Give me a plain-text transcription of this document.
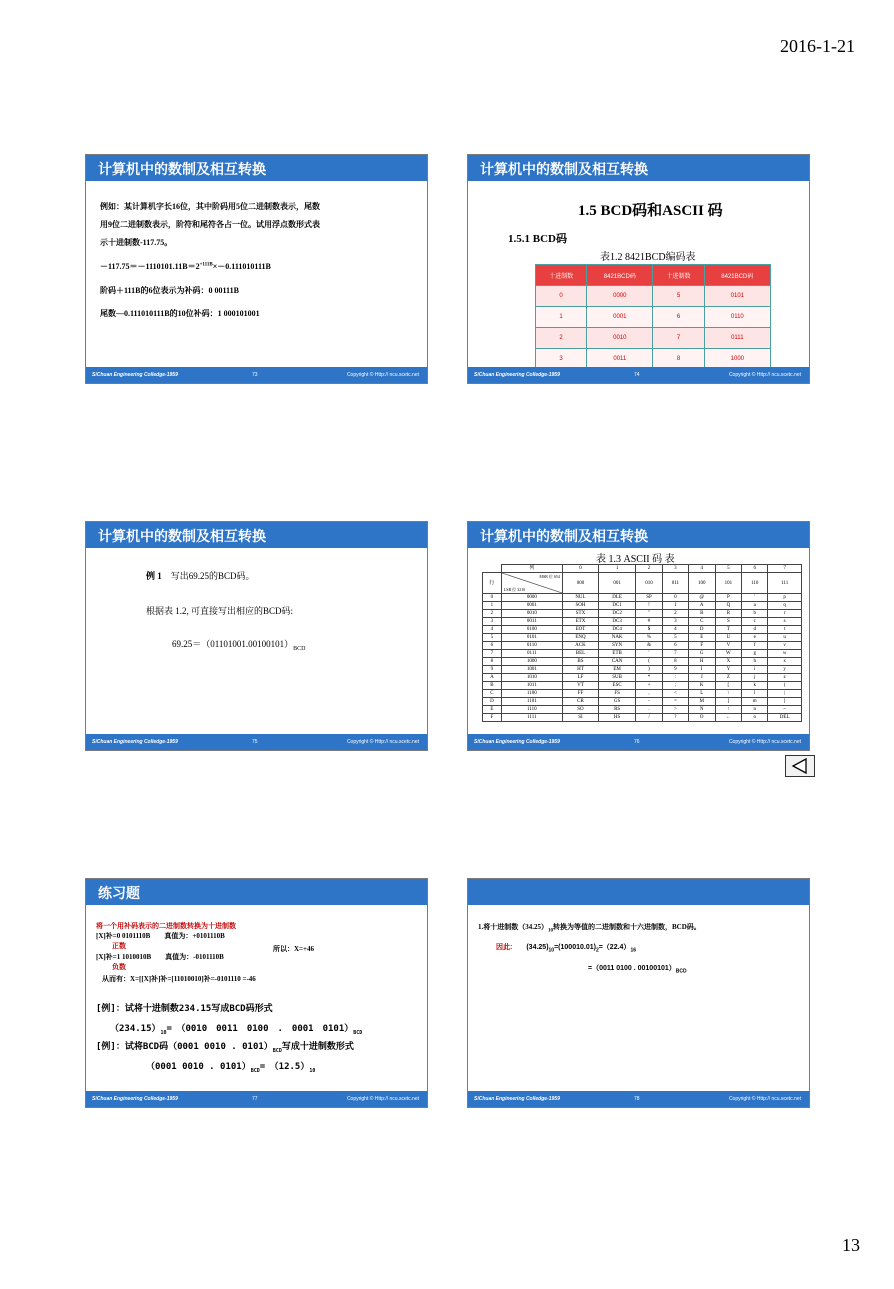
2016-1-21
计算机中的数制及相互转换
例如：某计算机字长16位，其中阶码用5位二进制数表示，尾数
用9位二进制数表示，阶符和尾符各占一位。试用浮点数形式表
示十进制数-117.75。
$-117.75=-1110101.11B=2^{+111B}\times-0.111010111B$
阶码＋111B的6位表示为补码：0 00111B
尾数—0.111010111B的10位补码：1 000101001
SiChuan Engineering Colledge-1959	73	Copyright © Http:// ncu.scetc.net
计算机中的数制及相互转换
1.5 BCD码和ASCII 码
1.5.1 BCD码
表1.2 8421BCD编码表
十进制数	8421BCD码	十进制数	8421BCD码
0	0000	5	0101
1	0001	6	0110
2	0010	7	0111
3	0011	8	1000

SiChuan Engineering Colledge-1959	74	Copyright © Http:// ncu.scetc.net
计算机中的数制及相互转换
例 1　 写出69.25的BCD码。
根据表 1.2, 可直接写出相应的BCD码:
$69.25=(01101001.00100101)_{BCD}$
SiChuan Engineering Colledge-1959	75	Copyright © Http:// ncu.scetc.net
计算机中的数制及相互转换
表 1.3 ASCII 码 表
	列	0	1	2	3	4	5	6	7
行	MSB 位 654
LSB 位 3210	000	001	010	011	100	101	110	111
0	0000	NUL	DLE	SP	0	@	P	'	p
1	0001	SOH	DC1	!	1	A	Q	a	q
2	0010	STX	DC2	"	2	B	R	b	r
3	0011	ETX	DC3	#	3	C	S	c	s
4	0100	EOT	DC4	$	4	D	T	d	t
5	0101	ENQ	NAK	%	5	E	U	e	u
6	0110	ACK	SYN	&	6	F	V	f	v
7	0111	BEL	ETB	'	7	G	W	g	w
8	1000	BS	CAN	(	8	H	X	h	x
9	1001	HT	EM	)	9	I	Y	i	y
A	1010	LF	SUB	*	:	J	Z	j	z
B	1011	VT	ESC	+	;	K	[	k	{
C	1100	FF	FS	,	<	L	\	l	|
D	1101	CR	GS	-	=	M	]	m	}
E	1110	SO	RS	.	>	N	↑	n	~
F	1111	SI	HS	/	?	O	←	o	DEL
SiChuan Engineering Colledge-1959	76	Copyright © Http:// ncu.scetc.net
练习题
将一个用补码表示的二进制数转换为十进制数
[X]补=0 0101110B　　 真值为：+0101110B
正数	所以：X=+46
[X]补=1 1010010B　　 真值为：-0101110B
负数
从而有：X=[[X]补]补=[11010010]补=-0101110 =-46
[例]：试将十进制数234.15写成BCD码形式
$(234.15)_{10}=$　（0010　0011　0100　.　0001　$0101)_{BCD}$
[例]：试将BCD码（0001 0010 . $0101)_{BCD}$写成十进制数形式
（0001 0010 . $0101)_{BCD}=$　$(12.5)_{10}$
SiChuan Engineering Colledge-1959	77	Copyright © Http:// ncu.scetc.net
1.将十进制数$(34.25)_{10}$转换为等值的二进制数和十六进制数，BCD码。
因此:　　 $(34.25)_{10}=(100010.01)_2=(22.4)_{16}$
=（0011 0100 . $00100101)_{BCD}$
SiChuan Engineering Colledge-1959	78	Copyright © Http:// ncu.scetc.net
13
